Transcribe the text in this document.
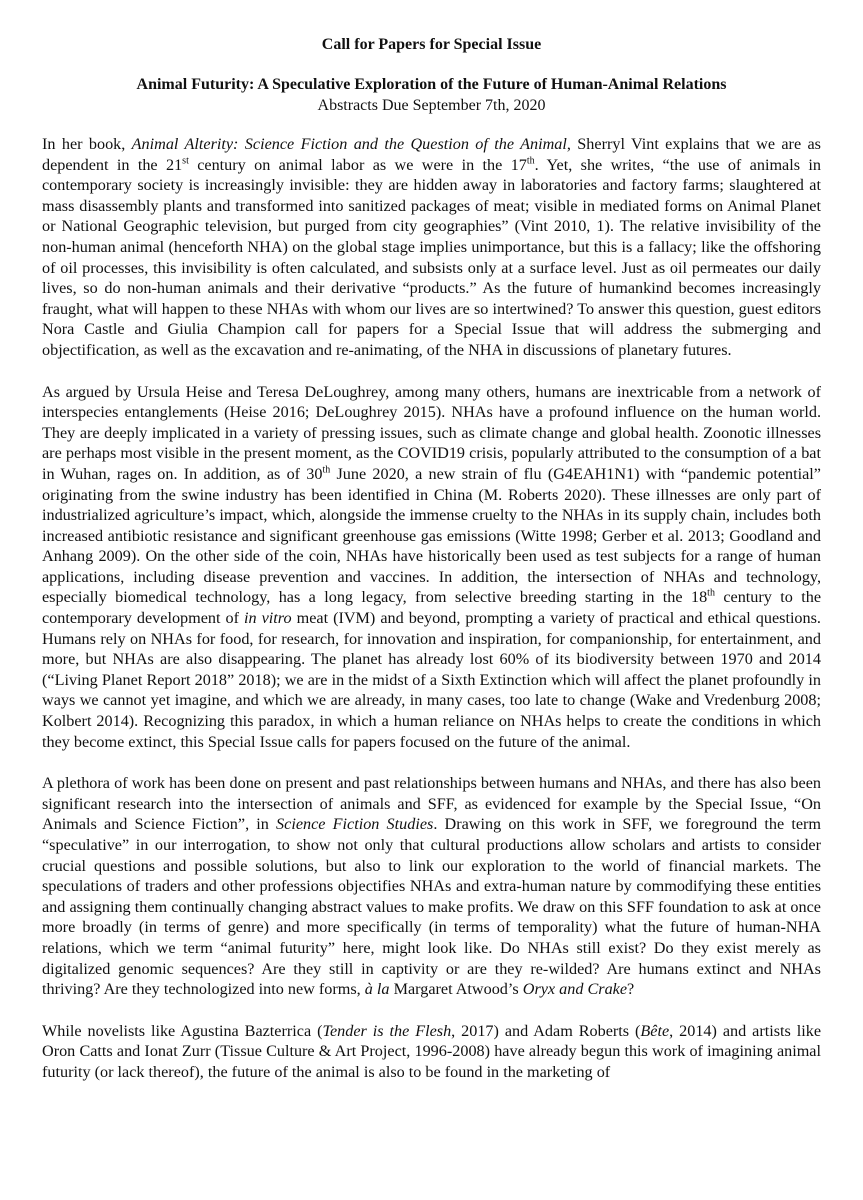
Call for Papers for Special Issue

Animal Futurity: A Speculative Exploration of the Future of Human-Animal Relations

Abstracts Due September 7th, 2020

In her book, Animal Alterity: Science Fiction and the Question of the Animal, Sherryl Vint explains that we are as dependent in the 21st century on animal labor as we were in the 17th. Yet, she writes, “the use of animals in contemporary society is increasingly invisible: they are hidden away in laboratories and factory farms; slaughtered at mass disassembly plants and transformed into sanitized packages of meat; visible in mediated forms on Animal Planet or National Geographic television, but purged from city geographies” (Vint 2010, 1). The relative invisibility of the non-human animal (henceforth NHA) on the global stage implies unimportance, but this is a fallacy; like the offshoring of oil processes, this invisibility is often calculated, and subsists only at a surface level. Just as oil permeates our daily lives, so do non-human animals and their derivative “products.” As the future of humankind becomes increasingly fraught, what will happen to these NHAs with whom our lives are so intertwined? To answer this question, guest editors Nora Castle and Giulia Champion call for papers for a Special Issue that will address the submerging and objectification, as well as the excavation and re-animating, of the NHA in discussions of planetary futures.

As argued by Ursula Heise and Teresa DeLoughrey, among many others, humans are inextricable from a network of interspecies entanglements (Heise 2016; DeLoughrey 2015). NHAs have a profound influence on the human world. They are deeply implicated in a variety of pressing issues, such as climate change and global health. Zoonotic illnesses are perhaps most visible in the present moment, as the COVID19 crisis, popularly attributed to the consumption of a bat in Wuhan, rages on. In addition, as of 30th June 2020, a new strain of flu (G4EAH1N1) with “pandemic potential” originating from the swine industry has been identified in China (M. Roberts 2020). These illnesses are only part of industrialized agriculture’s impact, which, alongside the immense cruelty to the NHAs in its supply chain, includes both increased antibiotic resistance and significant greenhouse gas emissions (Witte 1998; Gerber et al. 2013; Goodland and Anhang 2009). On the other side of the coin, NHAs have historically been used as test subjects for a range of human applications, including disease prevention and vaccines. In addition, the intersection of NHAs and technology, especially biomedical technology, has a long legacy, from selective breeding starting in the 18th century to the contemporary development of in vitro meat (IVM) and beyond, prompting a variety of practical and ethical questions. Humans rely on NHAs for food, for research, for innovation and inspiration, for companionship, for entertainment, and more, but NHAs are also disappearing. The planet has already lost 60% of its biodiversity between 1970 and 2014 (“Living Planet Report 2018” 2018); we are in the midst of a Sixth Extinction which will affect the planet profoundly in ways we cannot yet imagine, and which we are already, in many cases, too late to change (Wake and Vredenburg 2008; Kolbert 2014). Recognizing this paradox, in which a human reliance on NHAs helps to create the conditions in which they become extinct, this Special Issue calls for papers focused on the future of the animal.

A plethora of work has been done on present and past relationships between humans and NHAs, and there has also been significant research into the intersection of animals and SFF, as evidenced for example by the Special Issue, “On Animals and Science Fiction”, in Science Fiction Studies. Drawing on this work in SFF, we foreground the term “speculative” in our interrogation, to show not only that cultural productions allow scholars and artists to consider crucial questions and possible solutions, but also to link our exploration to the world of financial markets. The speculations of traders and other professions objectifies NHAs and extra-human nature by commodifying these entities and assigning them continually changing abstract values to make profits. We draw on this SFF foundation to ask at once more broadly (in terms of genre) and more specifically (in terms of temporality) what the future of human-NHA relations, which we term “animal futurity” here, might look like. Do NHAs still exist? Do they exist merely as digitalized genomic sequences? Are they still in captivity or are they re-wilded? Are humans extinct and NHAs thriving? Are they technologized into new forms, à la Margaret Atwood’s Oryx and Crake?

While novelists like Agustina Bazterrica (Tender is the Flesh, 2017) and Adam Roberts (Bête, 2014) and artists like Oron Catts and Ionat Zurr (Tissue Culture & Art Project, 1996-2008) have already begun this work of imagining animal futurity (or lack thereof), the future of the animal is also to be found in the marketing of
